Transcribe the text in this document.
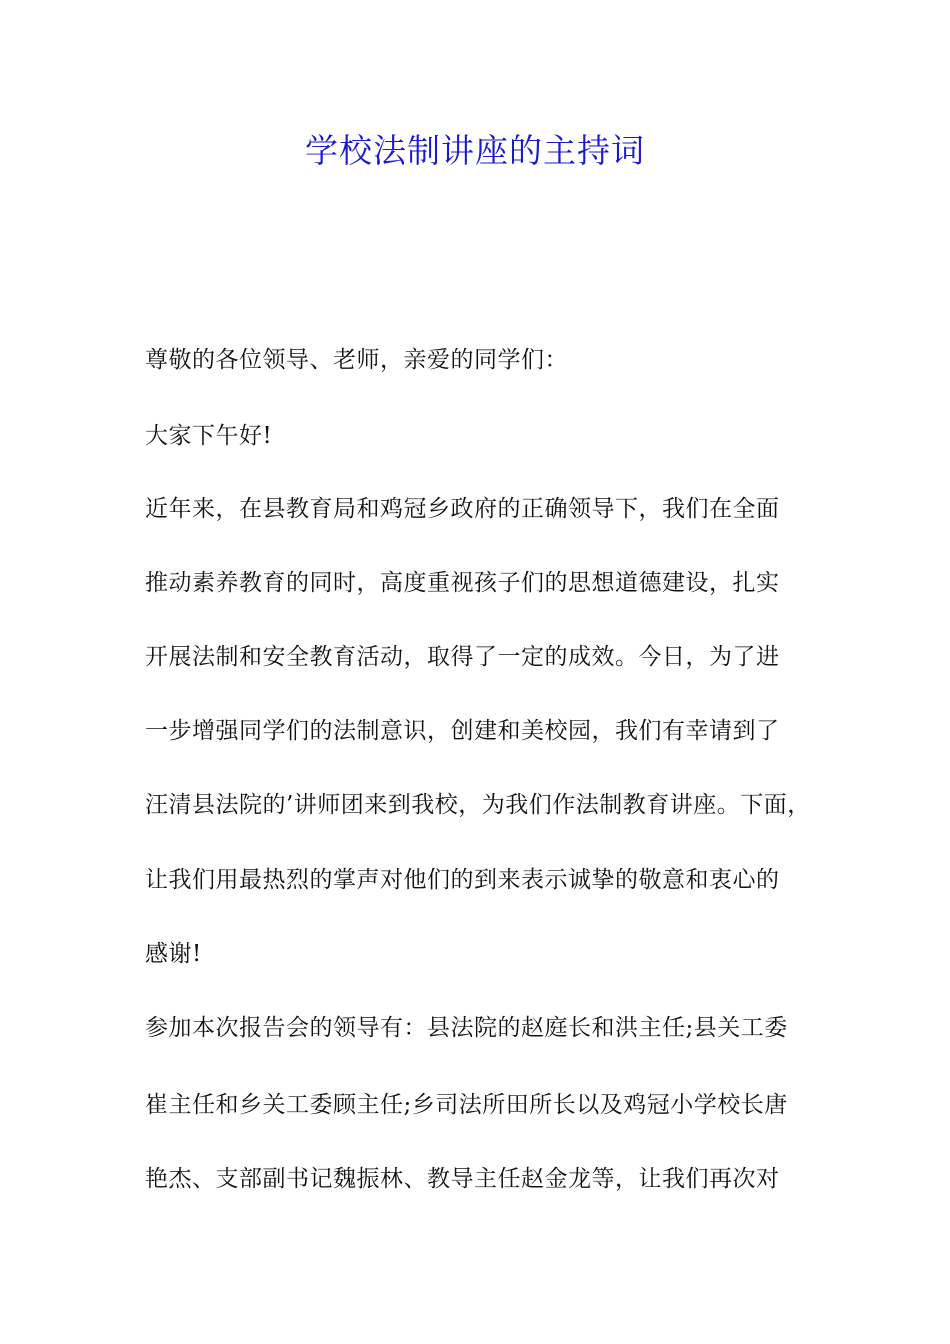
学校法制讲座的主持词
尊敬的各位领导、老师，亲爱的同学们：
大家下午好!
近年来，在县教育局和鸡冠乡政府的正确领导下，我们在全面
推动素养教育的同时，高度重视孩子们的思想道德建设，扎实
开展法制和安全教育活动，取得了一定的成效。今日，为了进
一步增强同学们的法制意识，创建和美校园，我们有幸请到了
汪清县法院的’讲师团来到我校，为我们作法制教育讲座。下面，
让我们用最热烈的掌声对他们的到来表示诚挚的敬意和衷心的
感谢!
参加本次报告会的领导有：县法院的赵庭长和洪主任;县关工委
崔主任和乡关工委顾主任;乡司法所田所长以及鸡冠小学校长唐
艳杰、支部副书记魏振林、教导主任赵金龙等，让我们再次对
